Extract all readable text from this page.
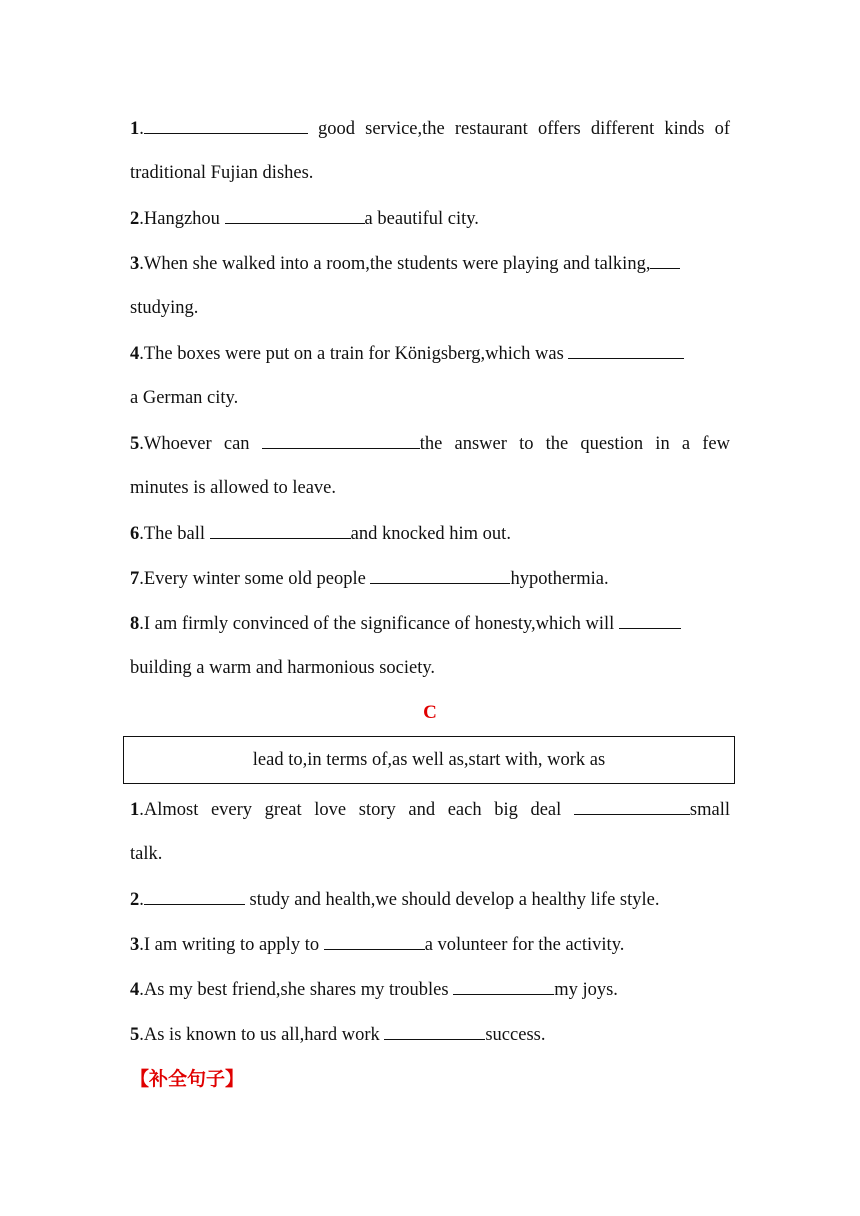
1.	good service,the restaurant offers different kinds of
traditional Fujian dishes.
2.Hangzhou	a beautiful city.
3.When she walked into a room,the students were playing and talking,
studying.
4.The boxes were put on a train for Königsberg,which was
a German city.
5.Whoever can	the answer to the question in a few
minutes is allowed to leave.
6.The ball	and knocked him out.
7.Every winter some old people	hypothermia.
8.I am firmly convinced of the significance of honesty,which will
building a warm and harmonious society.
C
lead to,in terms of,as well as,start with, work as
1.Almost every great love story and each big deal	small
talk.
2.	study and health,we should develop a healthy life style.
3.I am writing to apply to	a volunteer for the activity.
4.As my best friend,she shares my troubles	my joys.
5.As is known to us all,hard work	success.
【补全句子】
